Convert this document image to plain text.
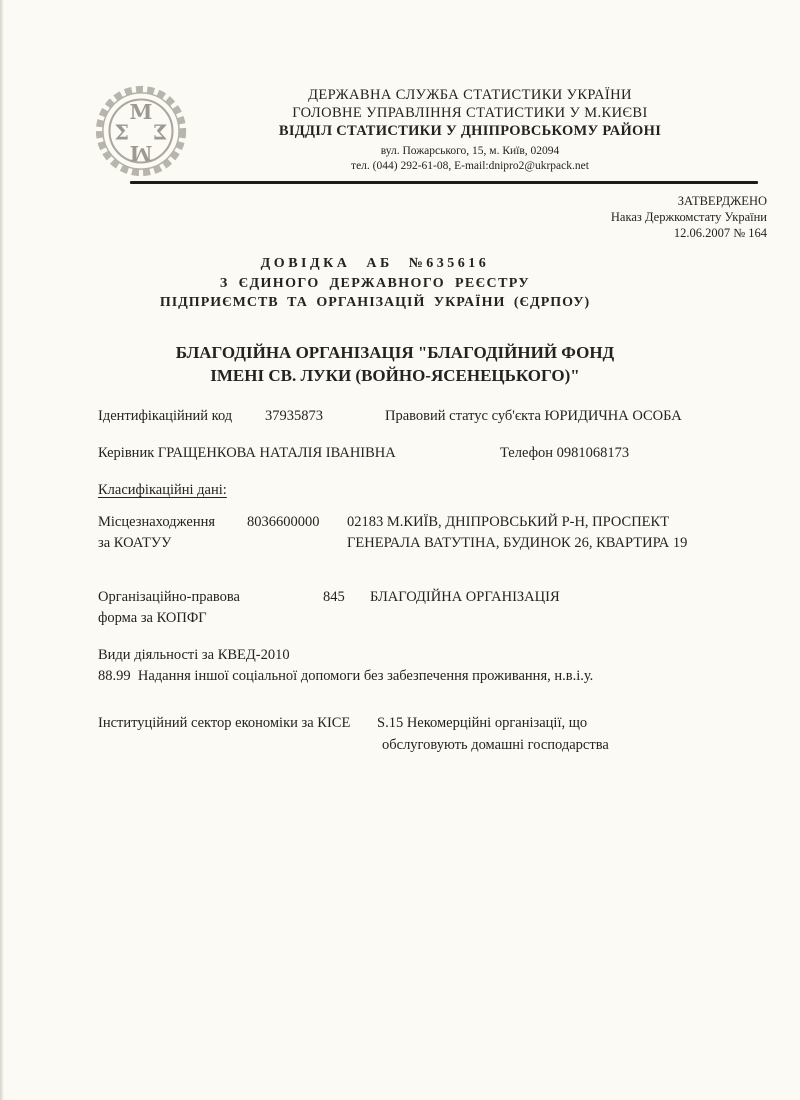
М
Σ Σ
М
ДЕРЖАВНА СЛУЖБА СТАТИСТИКИ УКРАЇНИ
ГОЛОВНЕ УПРАВЛІННЯ СТАТИСТИКИ У М.КИЄВІ
ВІДДІЛ СТАТИСТИКИ У ДНІПРОВСЬКОМУ РАЙОНІ
вул. Пожарського, 15, м. Київ, 02094
тел. (044) 292-61-08, E-mail:dnipro2@ukrpack.net
ЗАТВЕРДЖЕНО
Наказ Держкомстату України
12.06.2007 № 164
ДОВІДКА АБ №635616
З ЄДИНОГО ДЕРЖАВНОГО РЕЄСТРУ
ПІДПРИЄМСТВ ТА ОРГАНІЗАЦІЙ УКРАЇНИ (ЄДРПОУ)
БЛАГОДІЙНА ОРГАНІЗАЦІЯ "БЛАГОДІЙНИЙ ФОНД
ІМЕНІ СВ. ЛУКИ (ВОЙНО-ЯСЕНЕЦЬКОГО)"
Ідентифікаційний код 37935873	Правовий статус суб'єкта ЮРИДИЧНА ОСОБА
Керівник ГРАЩЕНКОВА НАТАЛІЯ ІВАНІВНА	Телефон 0981068173
Класифікаційні дані:
Місцезнаходження
за КОАТУУ
8036600000 02183 М.КИЇВ, ДНІПРОВСЬКИЙ Р-Н, ПРОСПЕКТ
ГЕНЕРАЛА ВАТУТІНА, БУДИНОК 26, КВАРТИРА 19
Організаційно-правова
форма за КОПФГ
845 БЛАГОДІЙНА ОРГАНІЗАЦІЯ
Види діяльності за КВЕД-2010
88.99  Надання іншої соціальної допомоги без забезпечення проживання, н.в.і.у.
Інституційний сектор економіки за КІСЕ S.15 Некомерційні організації, що
обслуговують домашні господарства
